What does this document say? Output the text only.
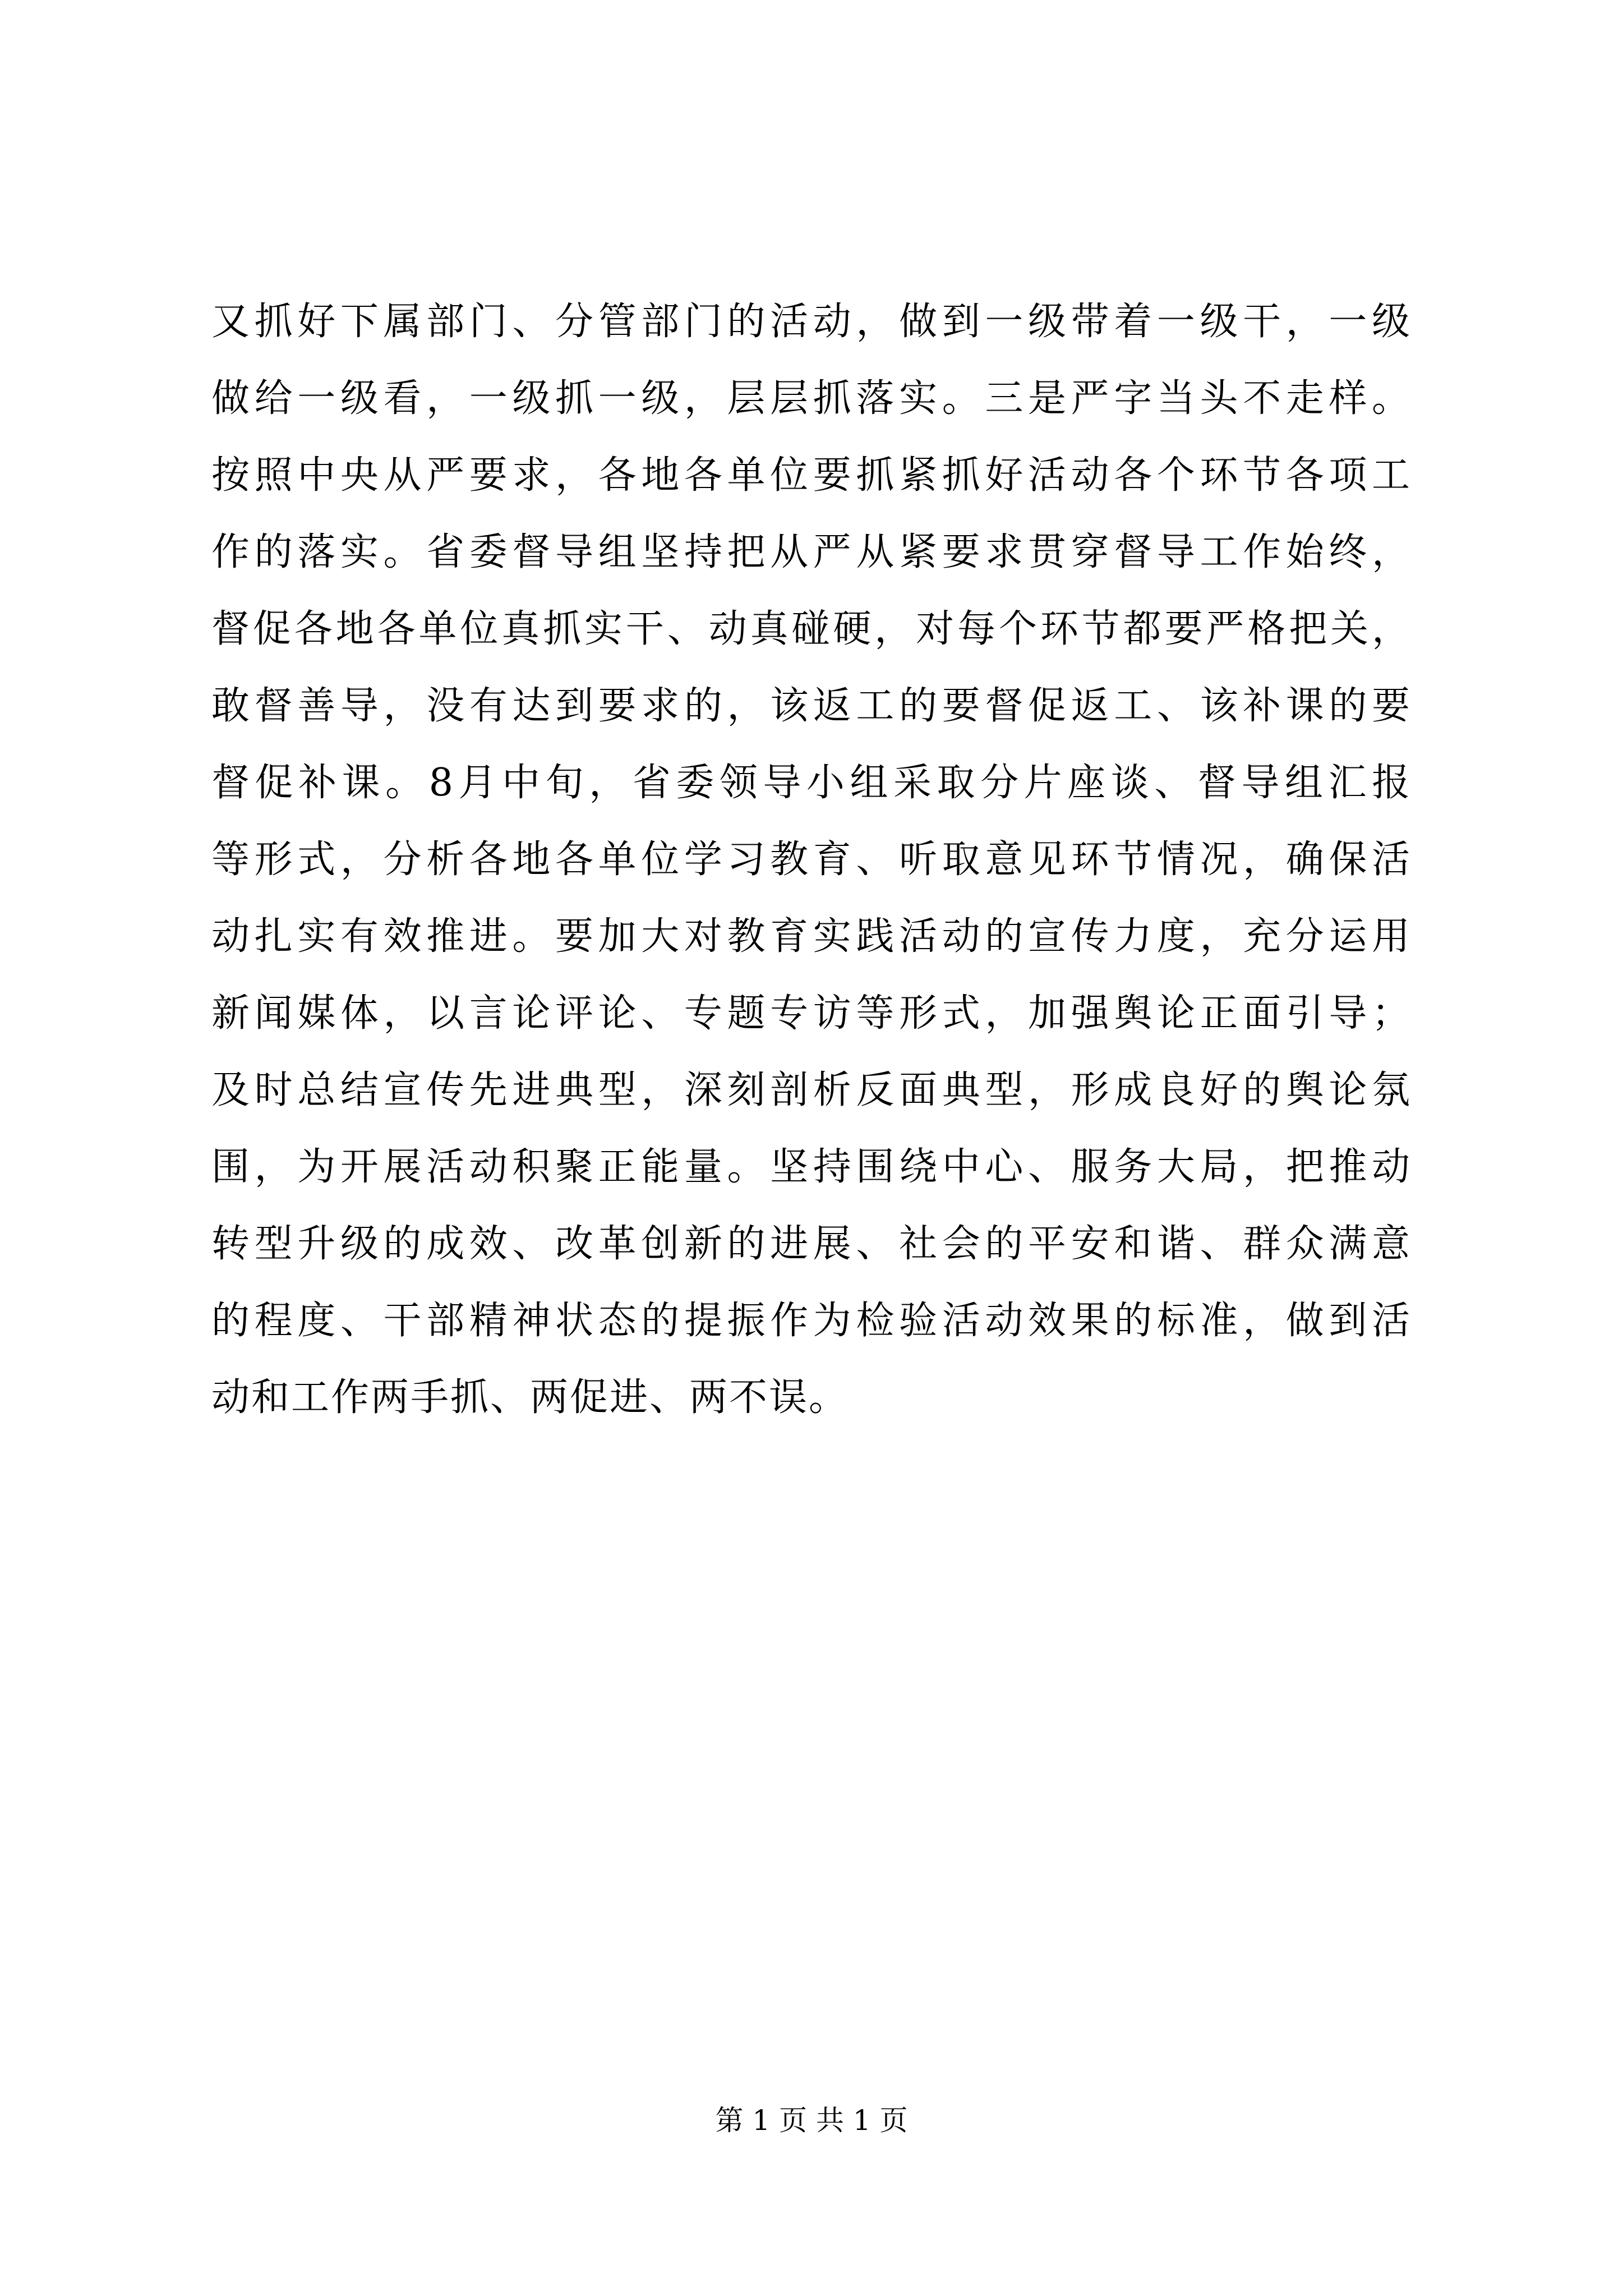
又抓好下属部门、分管部门的活动，做到一级带着一级干，一级
做给一级看，一级抓一级，层层抓落实。三是严字当头不走样。
按照中央从严要求，各地各单位要抓紧抓好活动各个环节各项工
作的落实。省委督导组坚持把从严从紧要求贯穿督导工作始终，
督促各地各单位真抓实干、动真碰硬，对每个环节都要严格把关，
敢督善导，没有达到要求的，该返工的要督促返工、该补课的要
督促补课。8月中旬，省委领导小组采取分片座谈、督导组汇报
等形式，分析各地各单位学习教育、听取意见环节情况，确保活
动扎实有效推进。要加大对教育实践活动的宣传力度，充分运用
新闻媒体，以言论评论、专题专访等形式，加强舆论正面引导；
及时总结宣传先进典型，深刻剖析反面典型，形成良好的舆论氛
围，为开展活动积聚正能量。坚持围绕中心、服务大局，把推动
转型升级的成效、改革创新的进展、社会的平安和谐、群众满意
的程度、干部精神状态的提振作为检验活动效果的标准，做到活
动和工作两手抓、两促进、两不误。
第 1 页 共 1 页
